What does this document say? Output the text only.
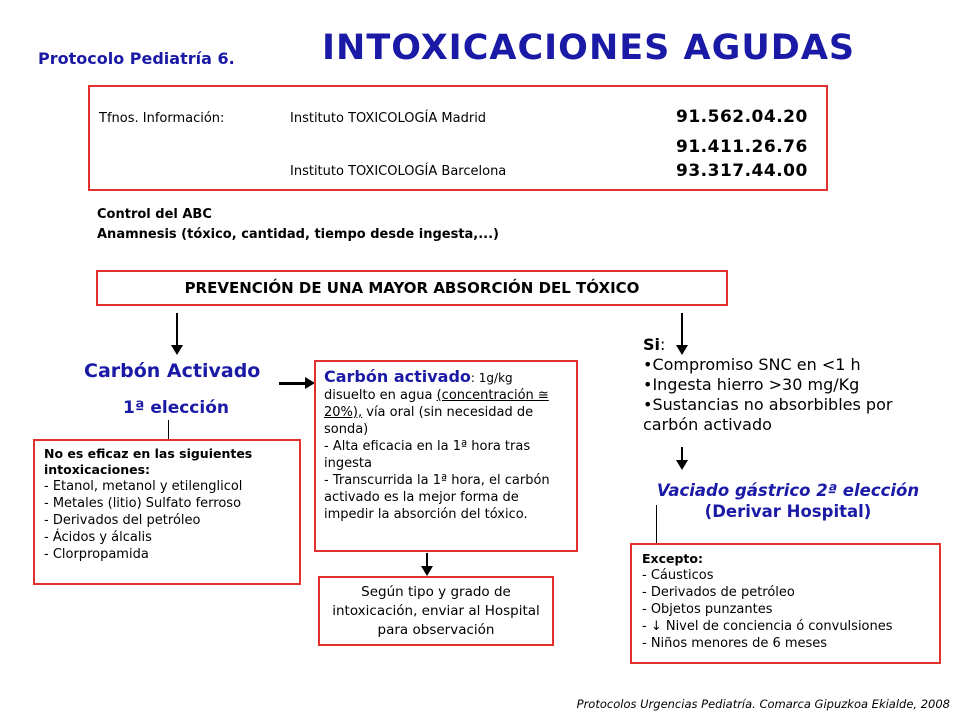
Protocolo Pediatría 6. INTOXICACIONES AGUDAS
Tfnos. Información:	Instituto TOXICOLOGÍA Madrid	91.562.04.20
91.411.26.76
Instituto TOXICOLOGÍA Barcelona	93.317.44.00
Control del ABC
Anamnesis (tóxico, cantidad, tiempo desde ingesta,...)
PREVENCIÓN DE UNA MAYOR ABSORCIÓN DEL TÓXICO
Carbón Activado
1ª elección
No es eficaz en las siguientes intoxicaciones:
- Etanol, metanol y etilenglicol
- Metales (litio) Sulfato ferroso
- Derivados del petróleo
- Ácidos y álcalis
- Clorpropamida
Carbón activado: 1g/kg
disuelto en agua (concentración ≅ 20%), vía oral (sin necesidad de sonda)
- Alta eficacia en la 1ª hora tras ingesta
- Transcurrida la 1ª hora, el carbón activado es la mejor forma de impedir la absorción del tóxico.
Según tipo y grado de intoxicación, enviar al Hospital para observación
Si:
•Compromiso SNC en <1 h
•Ingesta hierro >30 mg/Kg
•Sustancias no absorbibles por carbón activado
Vaciado gástrico 2ª elección
(Derivar Hospital)
Excepto:
- Cáusticos
- Derivados de petróleo
- Objetos punzantes
- ↓ Nivel de conciencia ó convulsiones
- Niños menores de 6 meses
Protocolos Urgencias Pediatría. Comarca Gipuzkoa Ekialde, 2008
